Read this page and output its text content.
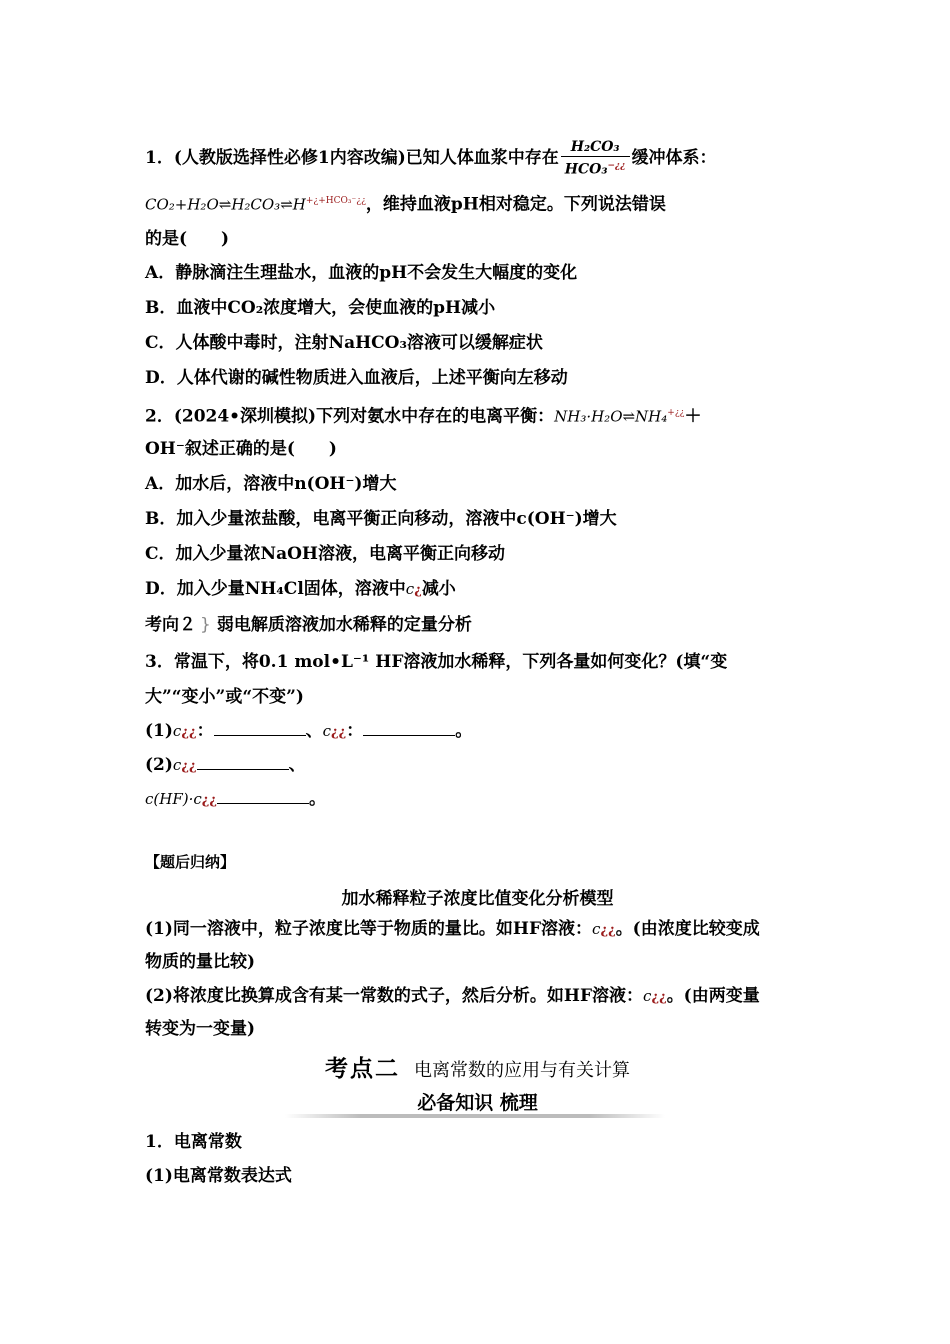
1．(人教版选择性必修1内容改编)已知人体血浆中存在 $\frac{\text{H₂CO₃}}{HCO_3^{-¿¿}}$ 缓冲体系：
$CO_2+H_2O\rightleftharpoons H_2CO_3\rightleftharpoons H^{+¿+HCO_3^-¿¿}$，维持血液pH相对稳定。下列说法错误
的是(　　)
A．静脉滴注生理盐水，血液的pH不会发生大幅度的变化
B．血液中CO₂浓度增大，会使血液的pH减小
C．人体酸中毒时，注射NaHCO₃溶液可以缓解症状
D．人体代谢的碱性物质进入血液后，上述平衡向左移动
2．(2024•深圳模拟)下列对氨水中存在的电离平衡：NH₃·H₂O⇌NH₄+¿¿＋
OH⁻叙述正确的是(　　)
A．加水后，溶液中n(OH⁻)增大
B．加入少量浓盐酸，电离平衡正向移动，溶液中c(OH⁻)增大
C．加入少量浓NaOH溶液，电离平衡正向移动
D．加入少量NH₄Cl固体，溶液中c¿减小
考向２ } 弱电解质溶液加水稀释的定量分析
3．常温下，将0.1 mol•L⁻¹ HF溶液加水稀释，下列各量如何变化？(填“变
大”“变小”或“不变”)
(1)c¿¿：	、c¿¿：	。
(2)c¿¿	、
c(HF)·c¿¿	。
【题后归纳】
加水稀释粒子浓度比值变化分析模型
(1)同一溶液中，粒子浓度比等于物质的量比。如HF溶液：c¿¿。(由浓度比较变成
物质的量比较)
(2)将浓度比换算成含有某一常数的式子，然后分析。如HF溶液：c¿¿。(由两变量
转变为一变量)
考点二 电离常数的应用与有关计算
必备知识 梳理
1．电离常数
(1)电离常数表达式
